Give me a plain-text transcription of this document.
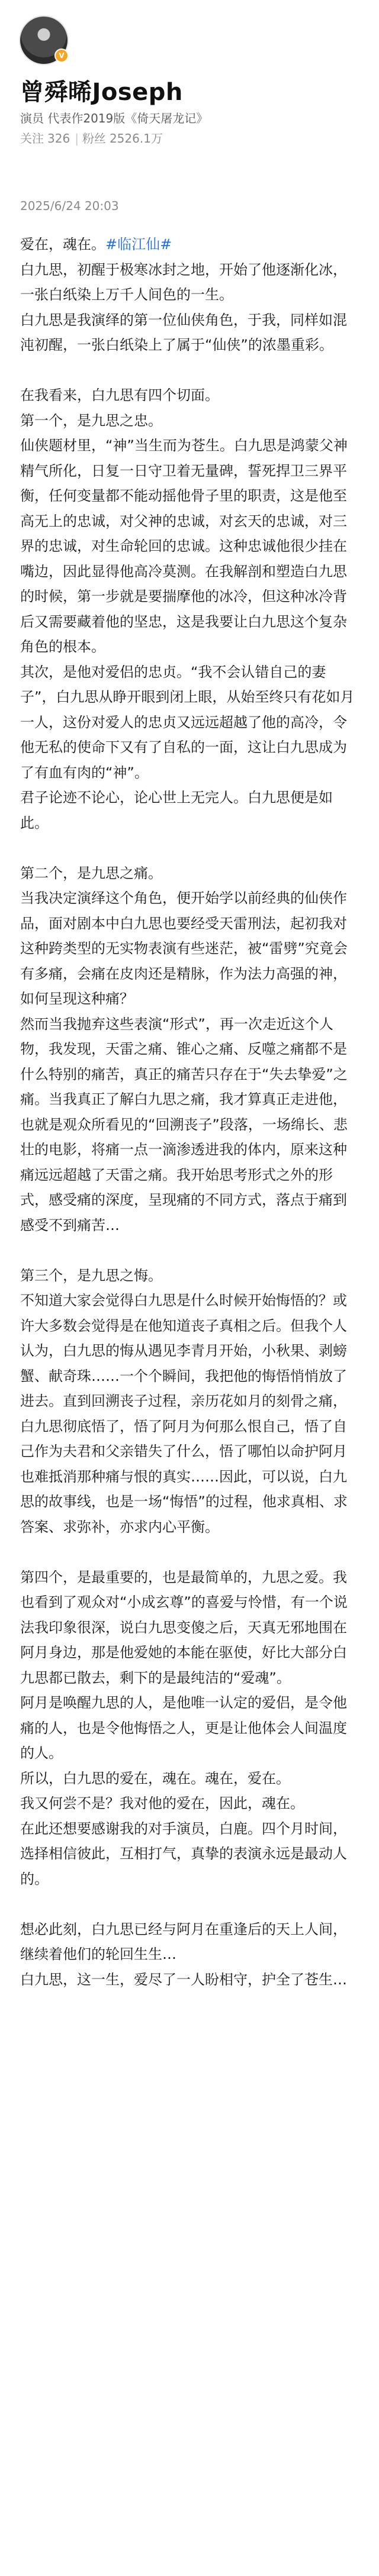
V
曾舜晞Joseph

演员 代表作2019版《倚天屠龙记》

关注 326 | 粉丝 2526.1万
2025/6/24 20:03

爱在，魂在。#临江仙#

白九思，初醒于极寒冰封之地，开始了他逐渐化冰，一张白纸染上万千人间色的一生。

白九思是我演绎的第一位仙侠角色，于我，同样如混沌初醒，一张白纸染上了属于“仙侠”的浓墨重彩。

在我看来，白九思有四个切面。

第一个，是九思之忠。

仙侠题材里，“神”当生而为苍生。白九思是鸿蒙父神精气所化，日复一日守卫着无量碑，誓死捍卫三界平衡，任何变量都不能动摇他骨子里的职责，这是他至高无上的忠诚，对父神的忠诚，对玄天的忠诚，对三界的忠诚，对生命轮回的忠诚。这种忠诚他很少挂在嘴边，因此显得他高冷莫测。在我解剖和塑造白九思的时候，第一步就是要揣摩他的冰冷，但这种冰冷背后又需要藏着他的坚忠，这是我要让白九思这个复杂角色的根本。

其次，是他对爱侣的忠贞。“我不会认错自己的妻子”，白九思从睁开眼到闭上眼，从始至终只有花如月一人，这份对爱人的忠贞又远远超越了他的高冷，令他无私的使命下又有了自私的一面，这让白九思成为了有血有肉的“神”。

君子论迹不论心，论心世上无完人。白九思便是如此。

第二个，是九思之痛。

当我决定演绎这个角色，便开始学以前经典的仙侠作品，面对剧本中白九思也要经受天雷刑法，起初我对这种跨类型的无实物表演有些迷茫，被“雷劈”究竟会有多痛，会痛在皮肉还是精脉，作为法力高强的神，如何呈现这种痛？

然而当我抛弃这些表演“形式”，再一次走近这个人物，我发现，天雷之痛、锥心之痛、反噬之痛都不是什么特别的痛苦，真正的痛苦只存在于“失去挚爱”之痛。当我真正了解白九思之痛，我才算真正走进他，也就是观众所看见的“回溯丧子”段落，一场绵长、悲壮的电影，将痛一点一滴渗透进我的体内，原来这种痛远远超越了天雷之痛。我开始思考形式之外的形式，感受痛的深度，呈现痛的不同方式，落点于痛到感受不到痛苦…

第三个，是九思之悔。

不知道大家会觉得白九思是什么时候开始悔悟的？或许大多数会觉得是在他知道丧子真相之后。但我个人认为，白九思的悔从遇见李青月开始，小秋果、剥螃蟹、献奇珠……一个个瞬间，我把他的悔悟悄悄放了进去。直到回溯丧子过程，亲历花如月的刻骨之痛，白九思彻底悟了，悟了阿月为何那么恨自己，悟了自己作为夫君和父亲错失了什么，悟了哪怕以命护阿月也难抵消那种痛与恨的真实……因此，可以说，白九思的故事线，也是一场“悔悟”的过程，他求真相、求答案、求弥补，亦求内心平衡。

第四个，是最重要的，也是最简单的，九思之爱。我也看到了观众对“小成玄尊”的喜爱与怜惜，有一个说法我印象很深，说白九思变傻之后，天真无邪地围在阿月身边，那是他爱她的本能在驱使，好比大部分白九思都已散去，剩下的是最纯洁的“爱魂”。

阿月是唤醒九思的人，是他唯一认定的爱侣，是令他痛的人，也是令他悔悟之人，更是让他体会人间温度的人。

所以，白九思的爱在，魂在。魂在，爱在。

我又何尝不是？我对他的爱在，因此，魂在。

在此还想要感谢我的对手演员，白鹿。四个月时间，选择相信彼此，互相打气，真挚的表演永远是最动人的。

想必此刻，白九思已经与阿月在重逢后的天上人间，继续着他们的轮回生生…

白九思，这一生，爱尽了一人盼相守，护全了苍生…
